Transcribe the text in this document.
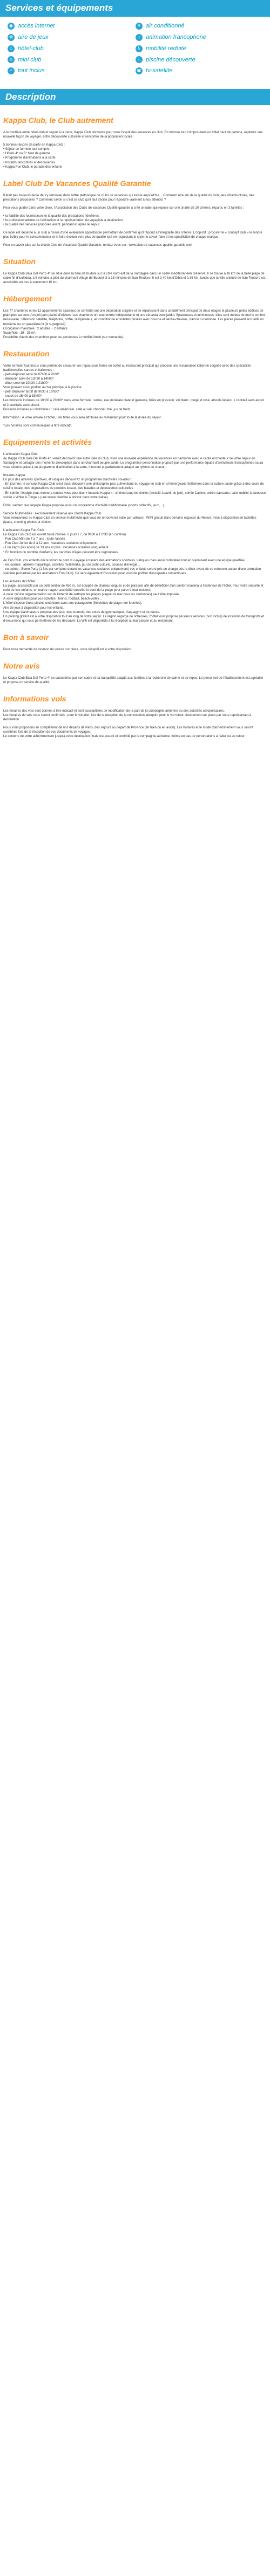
Services et équipements
◉ accès internet	❄ air conditionné
✿ aire de jeux	♪ animation francophone
⌂ hôtel-club	♿ mobilité réduite
☺ mini club	≈ piscine découverte
✓ tout inclus	▣ tv-satellite
Description
Kappa Club, le Club autrement
A la frontière entre hôtel-club et séjour à la carte, Kappa Club réinvente pour vous l'esprit des vacances en club. En formule tout compris dans un hôtel haut de gamme, explorez une nouvelle façon de voyager, entre découverte culturelle et rencontre de la population locale.
5 bonnes raisons de partir en Kappa Club :
• Séjour en formule tout compris
• Hôtels 4* ou 5* haut de gamme
• Programme d'animations à la carte
• Instants rencontres et découvertes
• Kappa Fun Club, le paradis des enfants
Label Club De Vacances Qualité Garantie
Il était peu toujours facile de s'y retrouver dans l'offre pléthorique de clubs de vacances qui existe aujourd'hui… Comment être sûr de la qualité du club, des infrastructures, des prestations proposées ? Comment savoir si c'est ce club qu'il faut choisir pour répondre vraiment à nos attentes ?
Pour vous guider dans votre choix, l'Association des Clubs de vacances Qualité garantie a créé un label qui repose sur une charte de 20 critères, répartis en 3 familles :
• la fiabilité des fournisseurs et la qualité des prestations hôtelières,
• le professionnalisme de l'animation et la représentation du voyagiste à destination,
• la qualité des services proposés avant, pendant et après le séjour.
Ce label est décerné à un club à l'issue d'une évaluation approfondie permettant de confirmer qu'il répond à l'intégralité des critères. L'objectif : procurer le « concept club » le rendre plus lisible pour le consommateur et le faire évoluer vers plus de qualité tout en respectant le style, le savoir-faire et les spécificités de chaque marque.
Pour en savoir plus sur la charte Club de Vacances Qualité Garantie, rendez-vous sur : www.club-de-vacances-qualite-garantie.com
Situation
Le Kappa Club Bala Del Porto 4* se situe dans la baie de Budoni sur la côte nord-est de la Sardaigne dans un cadre méditerranéen préservé. Il se trouve à 10 km de la belle plage de sable fin d'Isuledda, à 5 minutes à pied du charmant village de Budoni et à 15 minutes de San Teodoro. Il est à 40 km d'Olbia et à 35 km, tandis que la ville animée de San Teodoro est accessible en bus à seulement 10 km.
Hébergement
Les 77 chambres et les 12 appartements spacieux de cet hôtel ont une décoration soignée et se répartissent dans un bâtiment principal de deux étages et plusieurs petits édifices de plain-pied au sein d'un joli parc planté d'oliviers. Les chambres ont une entrée indépendante et une véranda avec jardin. Spacieuses et lumineuses, elles sont dotées de tout le confort nécessaire : télévision satellite, téléphone, coffre, réfrigérateur, air conditionné et toilettes privées avec douche et sèche-cheveux, balcon ou terrasse. Les pièces peuvent accueillir un troisième ou un quatrième lit (lit superposé).
Occupation maximale : 2 adultes + 2 enfants.
Superficie : 19 - 25 m².
Possibilité d'avoir des chambres pour les personnes à mobilité limité (sur demande).
Restauration
Votre formule Tout Inclus vous permet de savourer vos repas sous forme de buffet au restaurant principal qui propose une restauration italienne soignée avec des spécialités traditionnelles sardes et italiennes :
- petit-déjeuner servi de 07h30 à 9h30*
- déjeuner servi de 12h30 à 14h00*
- dîner servi de 19h30 à 21h00*
Vous pouvez aussi profiter au bar principal à la piscine :
- petit déjeuner tardif de 9h30 à 10h30*
- snack de 16h00 à 18h00*
Les boissons incluses de 10h00 à 23h00* dans votre formule : sodas, eau minérale plate et gazeuse, bière en pression, vin blanc, rouge et rosé, alcools locaux, 1 cocktail sans alcool et 2 cocktails avec alcool.
Boissons incluses au distributeur : café américain, café au lait, chocolat, thé, jus de fruits.
Information : A votre arrivée à l'hôtel, une table vous sera attribuée au restaurant pour toute la durée du séjour.
*Les horaires sont communiqués à titre indicatif.
Equipements et activités
L'animation Kappa Club
Au Kappa Club Bala Del Porto 4*, venez découvrir une autre idée du club, vivre une nouvelle expérience de vacances en harmonie avec le cadre enchanteur de votre séjour en Sardaigne et partager des moments d'exception dans un charmant peuple sarde. Le programme personnalisé proposé par une performante équipe d'animateurs francophones saura vous séduire grâce à un programme d'animation à la carte, innovant et parfaitement adapté au rythme de chacun.
Instants Kappa
En plus des activités sportives, et ludiques découvrez un programme d'activités novateur :
- En journée, le concept Kappa Club c'est aussi découvrir une philosophie plus authentique du voyage en club en s'immergeant réellement dans la culture sarde grâce à des cours de cuisine locale, des dégustations de produits locaux, des balades et découvertes culturelles
- En soirée, l'équipe vous donnera rendez-vous pour des « Instants Kappa » : cinéma sous les étoiles (installé à partir de juin), soirée Casino, soirée dansante, sans oublier la fameuse soirée « White & Tonga » (une tenue blanche à prévoir dans votre valise).
Enfin, sachez que l'équipe Kappa propose aussi un programme d'activité traditionnelle (sports collectifs, jeux,…).
Service Multimédias : exclusivement réservé aux clients Kappa Club
Vous retrouverez au Kappa Club un service multimédia que vous ne retrouverez nulle part ailleurs : WIFI gratuit dans certains espaces du Resort, mise à disposition de tablettes (ipads, shooting photos et vidéos.
L'animation Kappa Fun Club
Le Kappa Fun Club est ouvert toute l'année, 6 jours / 7, de 9h30 à 17h30 (en continu)
- Fun Club Mini de 4 à 7 ans : toute l'année
- Fun Club Junior de 8 à 12 ans : vacances scolaires uniquement
- Fun Kap's (les ados) de 13 ans et plus : vacances scolaires uniquement
* En fonction du nombre d'enfants, les tranches d'âges peuvent être regroupées.
Au Fun Club, vos enfants découvriront le goût du voyage à travers des animations sportives, ludiques mais aussi culturelles tout en s'amusant avec une équipe qualifiée.
- en journée : ateliers maquillage, activités multimédia, jeu de piste culturel, courses d'énergie...
- en soirée : Boom Party (1 fois par semaine durant les vacances scolaires uniquement) vos enfants seront pris en charge dès le dîner avant de se retrouver autour d'une animation spéciale (encadrée par les animateurs Fun Club). Ce sera également l'occasion pour vous de profiter d'escapades romantiques.
Les activités de l'hôtel
La plage, accessible par un petit sentier de 450 m, est équipée de chaises longues et de parasols afin de bénéficier d'un confort maximal à l'extérieur de l'hôtel. Pour votre sécurité et celle de vos enfants, un maître-nageur accrédité surveille le bord de la plage pour parer à tout incident.
A noter qu'une réglementation sur de l'interdit de nettoyer les plages (vague-mi mer pour les cantonnés) peut être imposée.
A votre disposition pour vos activités : tennis, football, beach-volley...
L'hôtel dispose d'une piscine extérieure avec une pataugeoire (Serviettes de plage non fournies).
Aire de jeux à disposition pour les enfants.
Une équipe d'animateurs propose des jeux, des tournois, des cours de gymnastique, d'aquagym et de danse.
Un parking gratuit est à votre disposition tout au long de votre séjour. La région regorge de richesses, l'hôtel vous propose plusieurs services (non inclus) de locations de transports et d'excursions qui vous permettront de les découvrir. La Wifi est disponible à la réception au bar piscine et au restaurant.
Bon à savoir
Pour toute demande de location de voiture sur place, votre réceptif est à votre disposition.
Notre avis
Le Kappa Club Bala Del Porto 4* se caractérise par son cadre et sa tranquillité adapté aux familles à la recherche de calme et de repos. Le personnel de l'établissement est agréable et propose un service de qualité.
Informations vols
Les horaires des vols sont donnés à titre indicatif et sont susceptibles de modification de la part de la compagnie aérienne ou des autorités aéroportuaires.
Les horaires de vols vous seront confirmés : pour le vol aller, lors de la réception de la convocation aéroport, pour le vol retour directement sur place par notre représentant à destination.
Nous vous proposons en complément de nos départs de Paris, des séjours au départ de Province (en train ou en avion). Les horaires et le mode d'acheminement vous seront confirmés lors de la réception de vos documents de voyages.
Le contenu de votre acheminement jusqu'à votre destination finale est assuré et contrôlé par la compagnie aérienne, même en cas de perturbations à l'aller ou au retour.
